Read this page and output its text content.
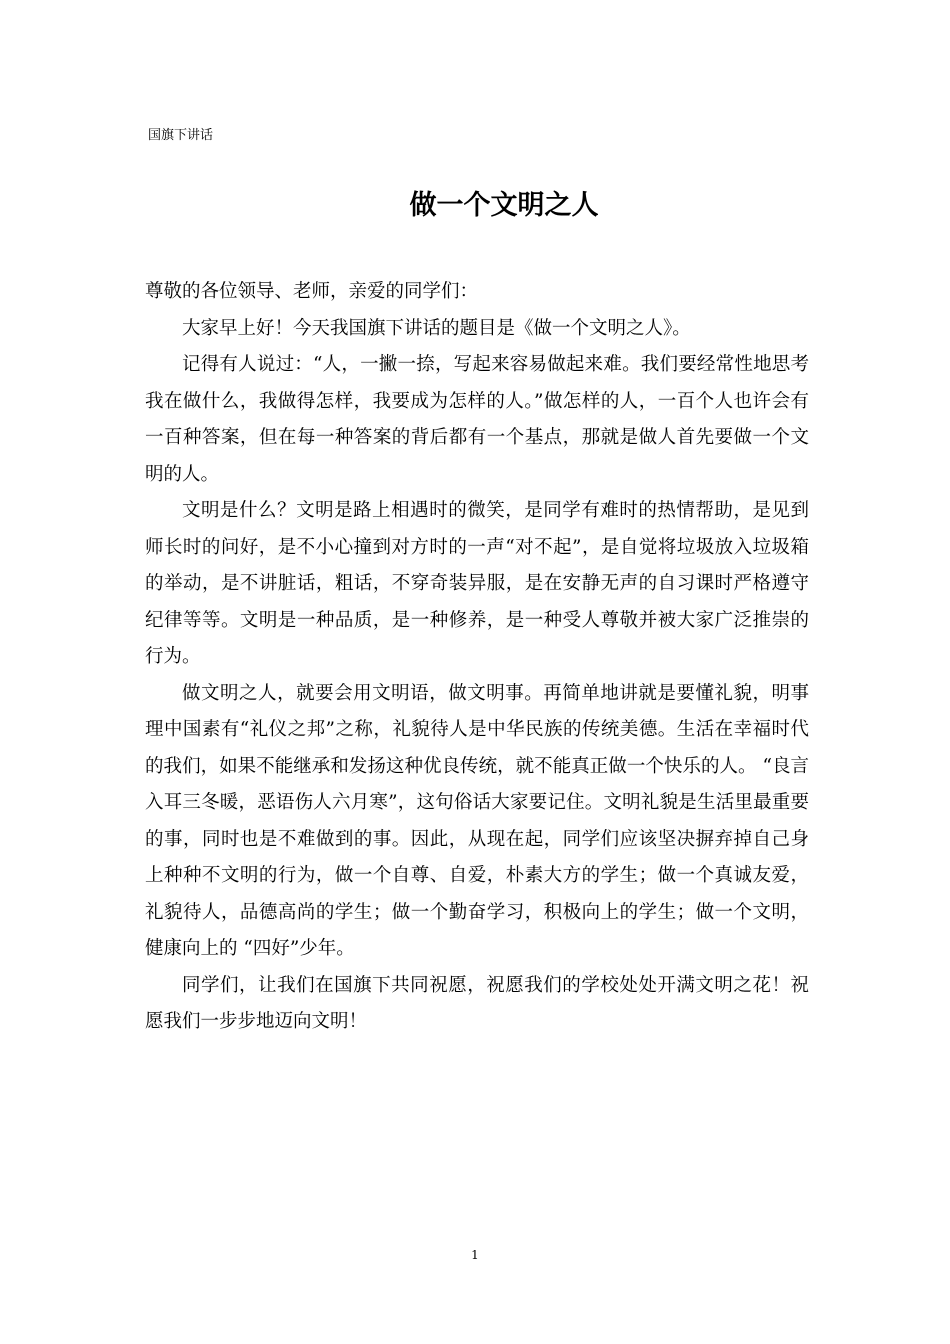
国旗下讲话
做一个文明之人

尊敬的各位领导、老师，亲爱的同学们：

大家早上好！今天我国旗下讲话的题目是《做一个文明之人》。

记得有人说过：“人，一撇一捺，写起来容易做起来难。我们要经常性地思考我在做什么，我做得怎样，我要成为怎样的人。”做怎样的人，一百个人也许会有一百种答案，但在每一种答案的背后都有一个基点，那就是做人首先要做一个文明的人。

文明是什么？文明是路上相遇时的微笑，是同学有难时的热情帮助，是见到师长时的问好，是不小心撞到对方时的一声“对不起”，是自觉将垃圾放入垃圾箱的举动，是不讲脏话，粗话，不穿奇装异服，是在安静无声的自习课时严格遵守纪律等等。文明是一种品质，是一种修养，是一种受人尊敬并被大家广泛推崇的行为。

做文明之人，就要会用文明语，做文明事。再简单地讲就是要懂礼貌，明事理中国素有“礼仪之邦”之称，礼貌待人是中华民族的传统美德。生活在幸福时代的我们，如果不能继承和发扬这种优良传统，就不能真正做一个快乐的人。 “良言入耳三冬暖，恶语伤人六月寒”，这句俗话大家要记住。文明礼貌是生活里最重要的事，同时也是不难做到的事。因此，从现在起，同学们应该坚决摒弃掉自己身上种种不文明的行为，做一个自尊、自爱，朴素大方的学生；做一个真诚友爱，礼貌待人，品德高尚的学生；做一个勤奋学习，积极向上的学生；做一个文明，健康向上的 “四好”少年。

同学们，让我们在国旗下共同祝愿，祝愿我们的学校处处开满文明之花！祝愿我们一步步地迈向文明！

1
